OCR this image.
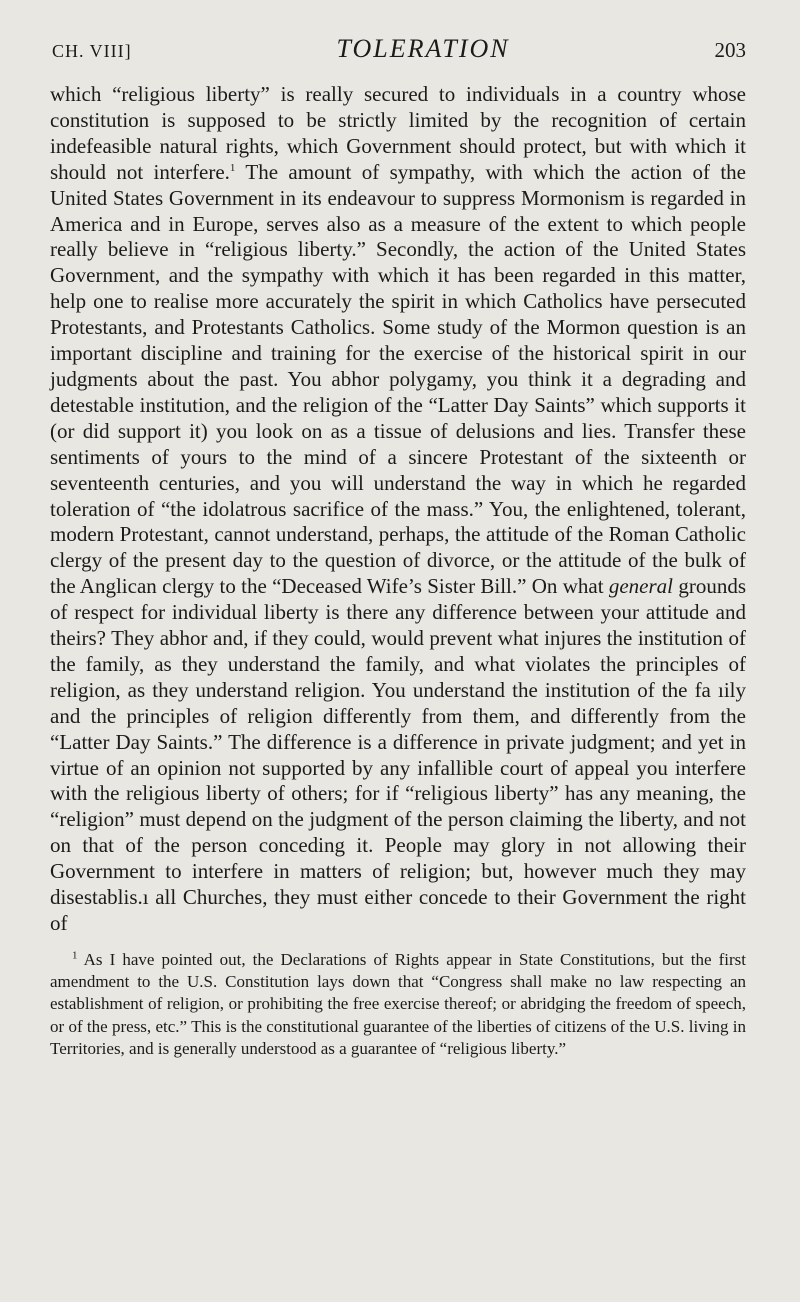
CH. VIII]	TOLERATION	203

which “religious liberty” is really secured to individuals in a country whose constitution is supposed to be strictly limited by the recognition of certain indefeasible natural rights, which Government should protect, but with which it should not interfere.$^1$ The amount of sympathy, with which the action of the United States Government in its endeavour to suppress Mormonism is regarded in America and in Europe, serves also as a measure of the extent to which people really believe in “religious liberty.” Secondly, the action of the United States Government, and the sympathy with which it has been regarded in this matter, help one to realise more accurately the spirit in which Catholics have persecuted Protestants, and Protestants Catholics. Some study of the Mormon question is an important discipline and training for the exercise of the historical spirit in our judgments about the past. You abhor polygamy, you think it a degrading and detestable institution, and the religion of the “Latter Day Saints” which supports it (or did support it) you look on as a tissue of delusions and lies. Transfer these sentiments of yours to the mind of a sincere Protestant of the sixteenth or seventeenth centuries, and you will understand the way in which he regarded toleration of “the idolatrous sacrifice of the mass.” You, the enlightened, tolerant, modern Protestant, cannot understand, perhaps, the attitude of the Roman Catholic clergy of the present day to the question of divorce, or the attitude of the bulk of the Anglican clergy to the “Deceased Wife’s Sister Bill.” On what general grounds of respect for individual liberty is there any difference between your attitude and theirs? They abhor and, if they could, would prevent what injures the institution of the family, as they understand the family, and what violates the principles of religion, as they understand religion. You understand the institution of the fa ıily and the principles of religion differently from them, and differently from the “Latter Day Saints.” The difference is a difference in private judgment; and yet in virtue of an opinion not supported by any infallible court of appeal you interfere with the religious liberty of others; for if “religious liberty” has any meaning, the “religion” must depend on the judgment of the person claiming the liberty, and not on that of the person conceding it. People may glory in not allowing their Government to interfere in matters of religion; but, however much they may disestablis.ı all Churches, they must either concede to their Government the right of

$^1$ As I have pointed out, the Declarations of Rights appear in State Constitutions, but the first amendment to the U.S. Constitution lays down that “Congress shall make no law respecting an establishment of religion, or prohibiting the free exercise thereof; or abridging the freedom of speech, or of the press, etc.” This is the constitutional guarantee of the liberties of citizens of the U.S. living in Territories, and is generally understood as a guarantee of “religious liberty.”
